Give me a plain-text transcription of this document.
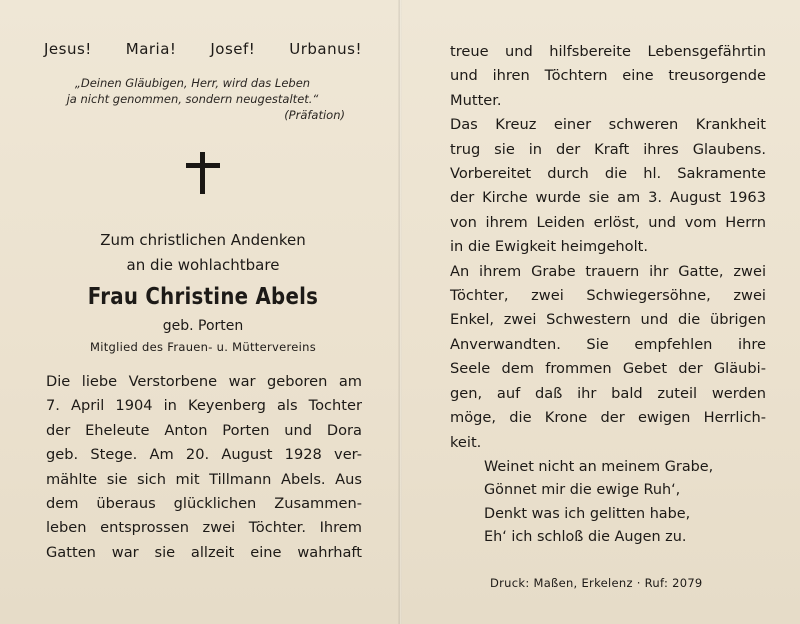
Jesus! Maria! Josef! Urbanus!
„Deinen Gläubigen, Herr, wird das Leben
ja nicht genommen, sondern neugestaltet.“
(Präfation)
Zum christlichen Andenken
an die wohlachtbare
Frau Christine Abels
geb. Porten
Mitglied des Frauen- u. Müttervereins
Die liebe Verstorbene war geboren am
7. April 1904 in Keyenberg als Tochter
der Eheleute Anton Porten und Dora
geb. Stege. Am 20. August 1928 ver-
mählte sie sich mit Tillmann Abels. Aus
dem überaus glücklichen Zusammen-
leben entsprossen zwei Töchter. Ihrem
Gatten war sie allzeit eine wahrhaft
treue und hilfsbereite Lebensgefährtin
und ihren Töchtern eine treusorgende
Mutter.
Das Kreuz einer schweren Krankheit
trug sie in der Kraft ihres Glaubens.
Vorbereitet durch die hl. Sakramente
der Kirche wurde sie am 3. August 1963
von ihrem Leiden erlöst, und vom Herrn
in die Ewigkeit heimgeholt.
An ihrem Grabe trauern ihr Gatte, zwei
Töchter, zwei Schwiegersöhne, zwei
Enkel, zwei Schwestern und die übrigen
Anverwandten. Sie empfehlen ihre
Seele dem frommen Gebet der Gläubi-
gen, auf daß ihr bald zuteil werden
möge, die Krone der ewigen Herrlich-
keit.
Weinet nicht an meinem Grabe,
Gönnet mir die ewige Ruh‘,
Denkt was ich gelitten habe,
Eh‘ ich schloß die Augen zu.
Druck: Maßen, Erkelenz · Ruf: 2079
